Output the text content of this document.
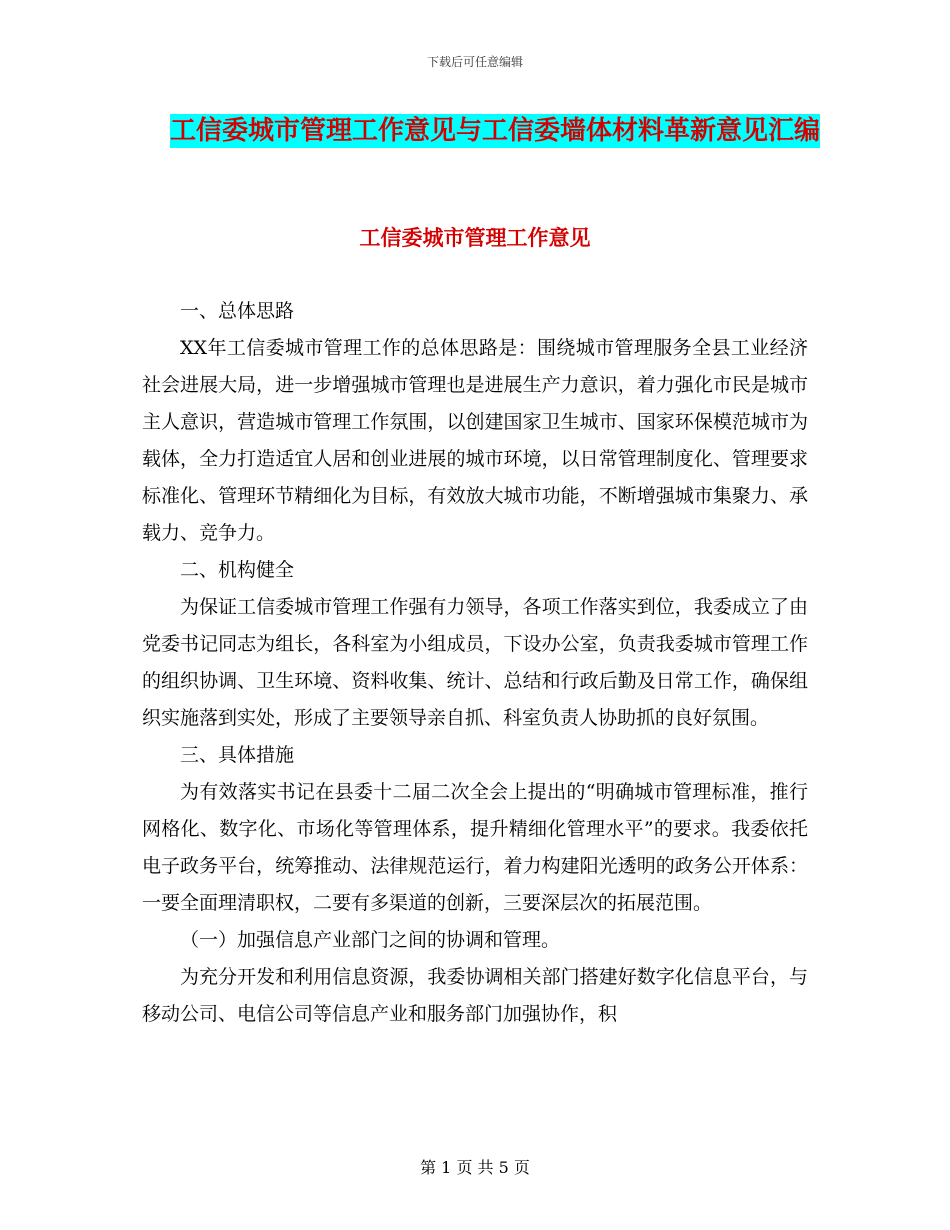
下载后可任意编辑
工信委城市管理工作意见与工信委墙体材料革新意见汇编
工信委城市管理工作意见

一、总体思路

XX年工信委城市管理工作的总体思路是：围绕城市管理服务全县工业经济社会进展大局，进一步增强城市管理也是进展生产力意识，着力强化市民是城市主人意识，营造城市管理工作氛围，以创建国家卫生城市、国家环保模范城市为载体，全力打造适宜人居和创业进展的城市环境，以日常管理制度化、管理要求标准化、管理环节精细化为目标，有效放大城市功能，不断增强城市集聚力、承载力、竞争力。

二、机构健全

为保证工信委城市管理工作强有力领导，各项工作落实到位，我委成立了由党委书记同志为组长，各科室为小组成员，下设办公室，负责我委城市管理工作的组织协调、卫生环境、资料收集、统计、总结和行政后勤及日常工作，确保组织实施落到实处，形成了主要领导亲自抓、科室负责人协助抓的良好氛围。

三、具体措施

为有效落实书记在县委十二届二次全会上提出的“明确城市管理标准，推行网格化、数字化、市场化等管理体系，提升精细化管理水平”的要求。我委依托电子政务平台，统筹推动、法律规范运行，着力构建阳光透明的政务公开体系：一要全面理清职权，二要有多渠道的创新，三要深层次的拓展范围。

（一）加强信息产业部门之间的协调和管理。

为充分开发和利用信息资源，我委协调相关部门搭建好数字化信息平台，与移动公司、电信公司等信息产业和服务部门加强协作，积

第 1 页 共 5 页
